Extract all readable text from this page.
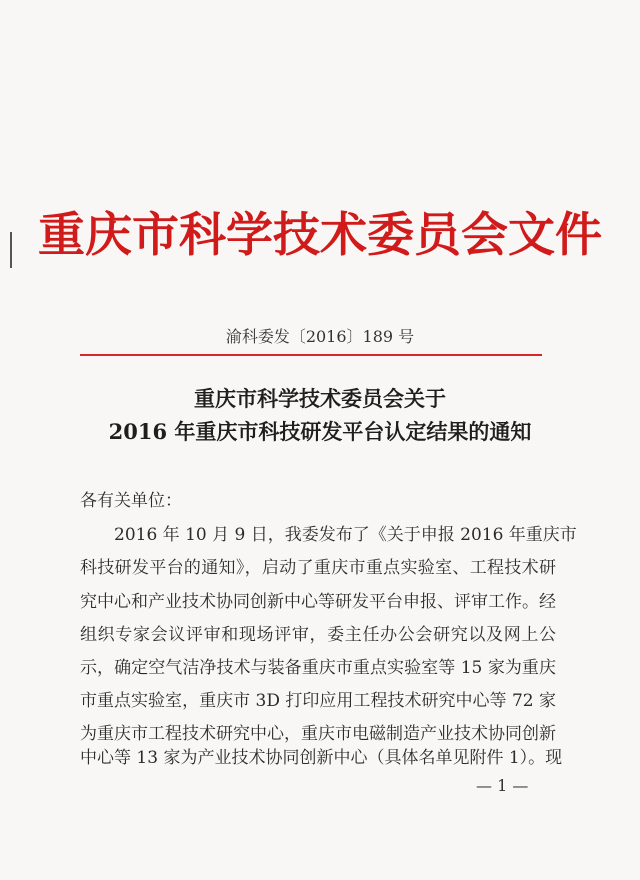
重庆市科学技术委员会文件
渝科委发〔2016〕189 号
重庆市科学技术委员会关于
2016 年重庆市科技研发平台认定结果的通知
各有关单位：
2016 年 10 月 9 日，我委发布了《关于申报 2016 年重庆市
科技研发平台的通知》，启动了重庆市重点实验室、工程技术研
究中心和产业技术协同创新中心等研发平台申报、评审工作。经
组织专家会议评审和现场评审，委主任办公会研究以及网上公
示，确定空气洁净技术与装备重庆市重点实验室等 15 家为重庆
市重点实验室，重庆市 3D 打印应用工程技术研究中心等 72 家
为重庆市工程技术研究中心，重庆市电磁制造产业技术协同创新
中心等 13 家为产业技术协同创新中心（具体名单见附件 1）。现
— 1 —
